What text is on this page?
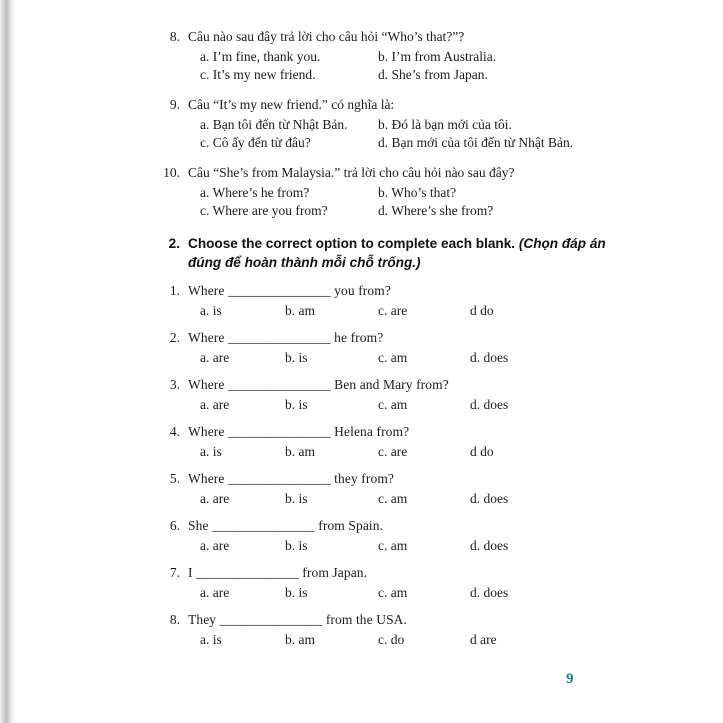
8. Câu nào sau đây trả lời cho câu hỏi “Who’s that?”?
a. I’m fine, thank you.	b. I’m from Australia.
c. It’s my new friend.	d. She’s from Japan.
9. Câu “It’s my new friend.” có nghĩa là:
a. Bạn tôi đến từ Nhật Bản.	b. Đó là bạn mới của tôi.
c. Cô ấy đến từ đâu?	d. Bạn mới của tôi đến từ Nhật Bản.
10. Câu “She’s from Malaysia.” trả lời cho câu hỏi nào sau đây?
a. Where’s he from?	b. Who’s that?
c. Where are you from?	d. Where’s she from?
2. Choose the correct option to complete each blank. (Chọn đáp án đúng để hoàn thành mỗi chỗ trống.)
1. Where _______________ you from?
a. is	b. am	c. are	d do
2. Where _______________ he from?
a. are	b. is	c. am	d. does
3. Where _______________ Ben and Mary from?
a. are	b. is	c. am	d. does
4. Where _______________ Helena from?
a. is	b. am	c. are	d do
5. Where _______________ they from?
a. are	b. is	c. am	d. does
6. She _______________ from Spain.
a. are	b. is	c. am	d. does
7. I _______________ from Japan.
a. are	b. is	c. am	d. does
8. They _______________ from the USA.
a. is	b. am	c. do	d are
9
